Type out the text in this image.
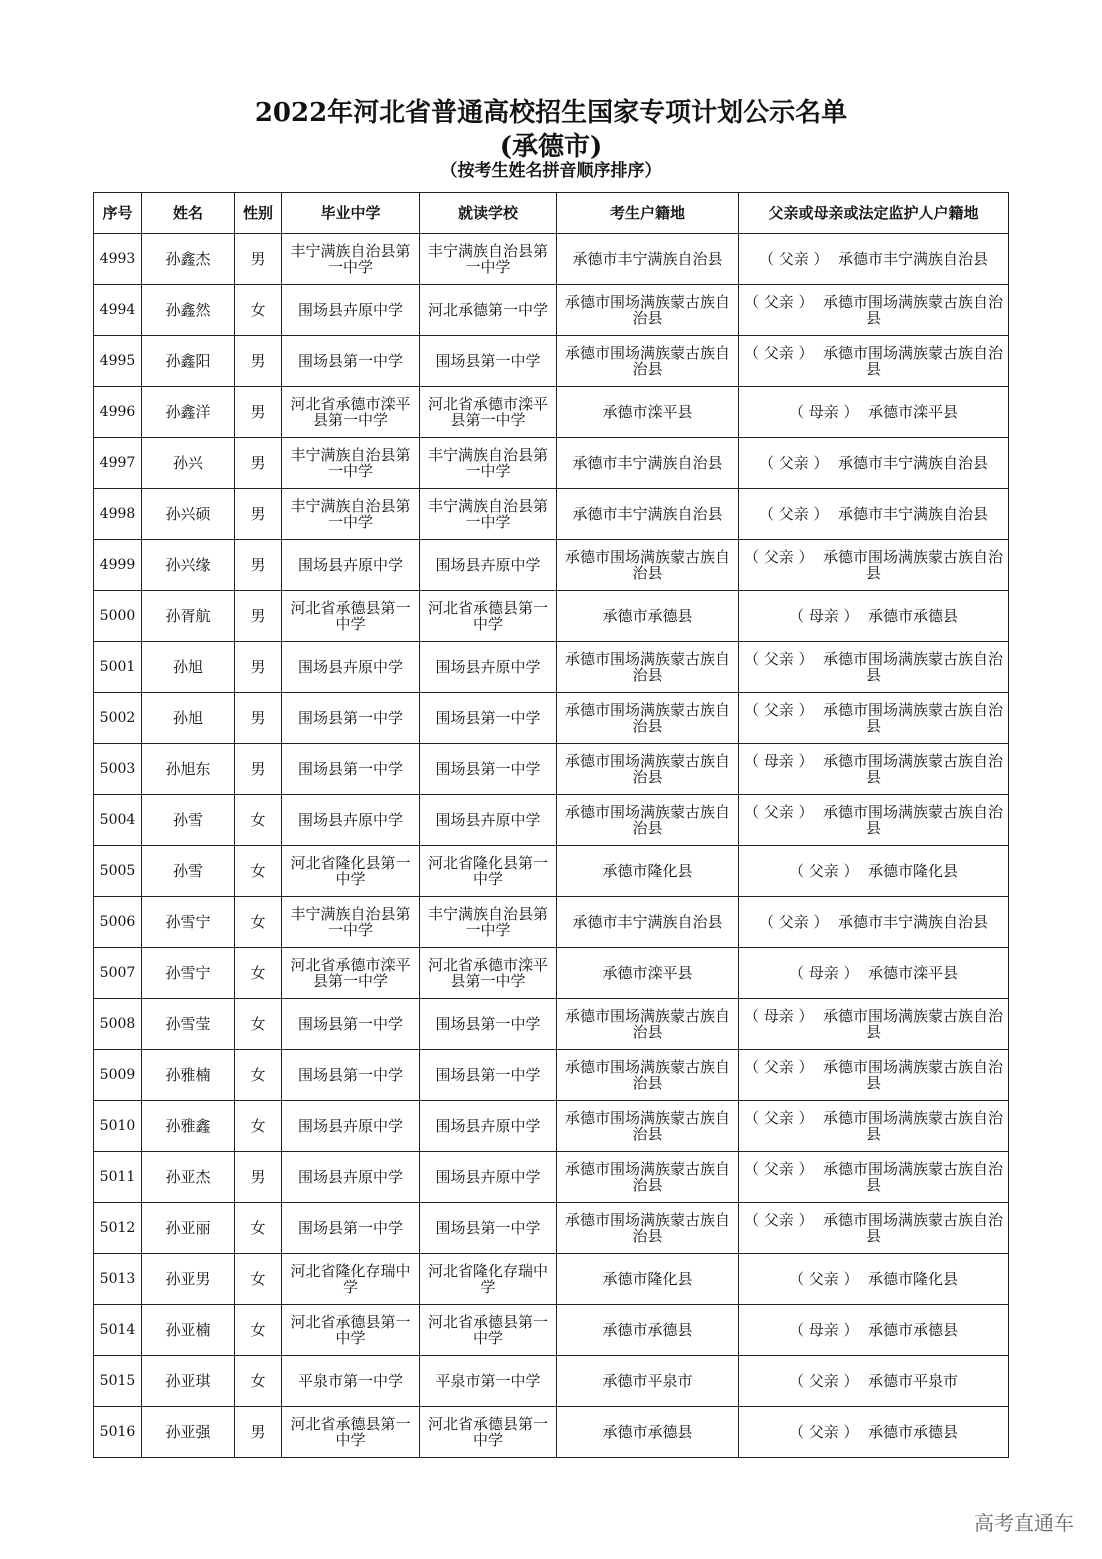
2022年河北省普通高校招生国家专项计划公示名单
(承德市)
（按考生姓名拼音顺序排序）
序号	姓名	性别	毕业中学	就读学校	考生户籍地	父亲或母亲或法定监护人户籍地
4993	孙鑫杰	男	丰宁满族自治县第一中学	丰宁满族自治县第一中学	承德市丰宁满族自治县	（ 父亲 ）  承德市丰宁满族自治县
4994	孙鑫然	女	围场县卉原中学	河北承德第一中学	承德市围场满族蒙古族自治县	（ 父亲 ）  承德市围场满族蒙古族自治县
4995	孙鑫阳	男	围场县第一中学	围场县第一中学	承德市围场满族蒙古族自治县	（ 父亲 ）  承德市围场满族蒙古族自治县
4996	孙鑫洋	男	河北省承德市滦平县第一中学	河北省承德市滦平县第一中学	承德市滦平县	（ 母亲 ）  承德市滦平县
4997	孙兴	男	丰宁满族自治县第一中学	丰宁满族自治县第一中学	承德市丰宁满族自治县	（ 父亲 ）  承德市丰宁满族自治县
4998	孙兴硕	男	丰宁满族自治县第一中学	丰宁满族自治县第一中学	承德市丰宁满族自治县	（ 父亲 ）  承德市丰宁满族自治县
4999	孙兴缘	男	围场县卉原中学	围场县卉原中学	承德市围场满族蒙古族自治县	（ 父亲 ）  承德市围场满族蒙古族自治县
5000	孙胥航	男	河北省承德县第一中学	河北省承德县第一中学	承德市承德县	（ 母亲 ）  承德市承德县
5001	孙旭	男	围场县卉原中学	围场县卉原中学	承德市围场满族蒙古族自治县	（ 父亲 ）  承德市围场满族蒙古族自治县
5002	孙旭	男	围场县第一中学	围场县第一中学	承德市围场满族蒙古族自治县	（ 父亲 ）  承德市围场满族蒙古族自治县
5003	孙旭东	男	围场县第一中学	围场县第一中学	承德市围场满族蒙古族自治县	（ 母亲 ）  承德市围场满族蒙古族自治县
5004	孙雪	女	围场县卉原中学	围场县卉原中学	承德市围场满族蒙古族自治县	（ 父亲 ）  承德市围场满族蒙古族自治县
5005	孙雪	女	河北省隆化县第一中学	河北省隆化县第一中学	承德市隆化县	（ 父亲 ）  承德市隆化县
5006	孙雪宁	女	丰宁满族自治县第一中学	丰宁满族自治县第一中学	承德市丰宁满族自治县	（ 父亲 ）  承德市丰宁满族自治县
5007	孙雪宁	女	河北省承德市滦平县第一中学	河北省承德市滦平县第一中学	承德市滦平县	（ 母亲 ）  承德市滦平县
5008	孙雪莹	女	围场县第一中学	围场县第一中学	承德市围场满族蒙古族自治县	（ 母亲 ）  承德市围场满族蒙古族自治县
5009	孙雅楠	女	围场县第一中学	围场县第一中学	承德市围场满族蒙古族自治县	（ 父亲 ）  承德市围场满族蒙古族自治县
5010	孙雅鑫	女	围场县卉原中学	围场县卉原中学	承德市围场满族蒙古族自治县	（ 父亲 ）  承德市围场满族蒙古族自治县
5011	孙亚杰	男	围场县卉原中学	围场县卉原中学	承德市围场满族蒙古族自治县	（ 父亲 ）  承德市围场满族蒙古族自治县
5012	孙亚丽	女	围场县第一中学	围场县第一中学	承德市围场满族蒙古族自治县	（ 父亲 ）  承德市围场满族蒙古族自治县
5013	孙亚男	女	河北省隆化存瑞中学	河北省隆化存瑞中学	承德市隆化县	（ 父亲 ）  承德市隆化县
5014	孙亚楠	女	河北省承德县第一中学	河北省承德县第一中学	承德市承德县	（ 母亲 ）  承德市承德县
5015	孙亚琪	女	平泉市第一中学	平泉市第一中学	承德市平泉市	（ 父亲 ）  承德市平泉市
5016	孙亚强	男	河北省承德县第一中学	河北省承德县第一中学	承德市承德县	（ 父亲 ）  承德市承德县
高考直通车
